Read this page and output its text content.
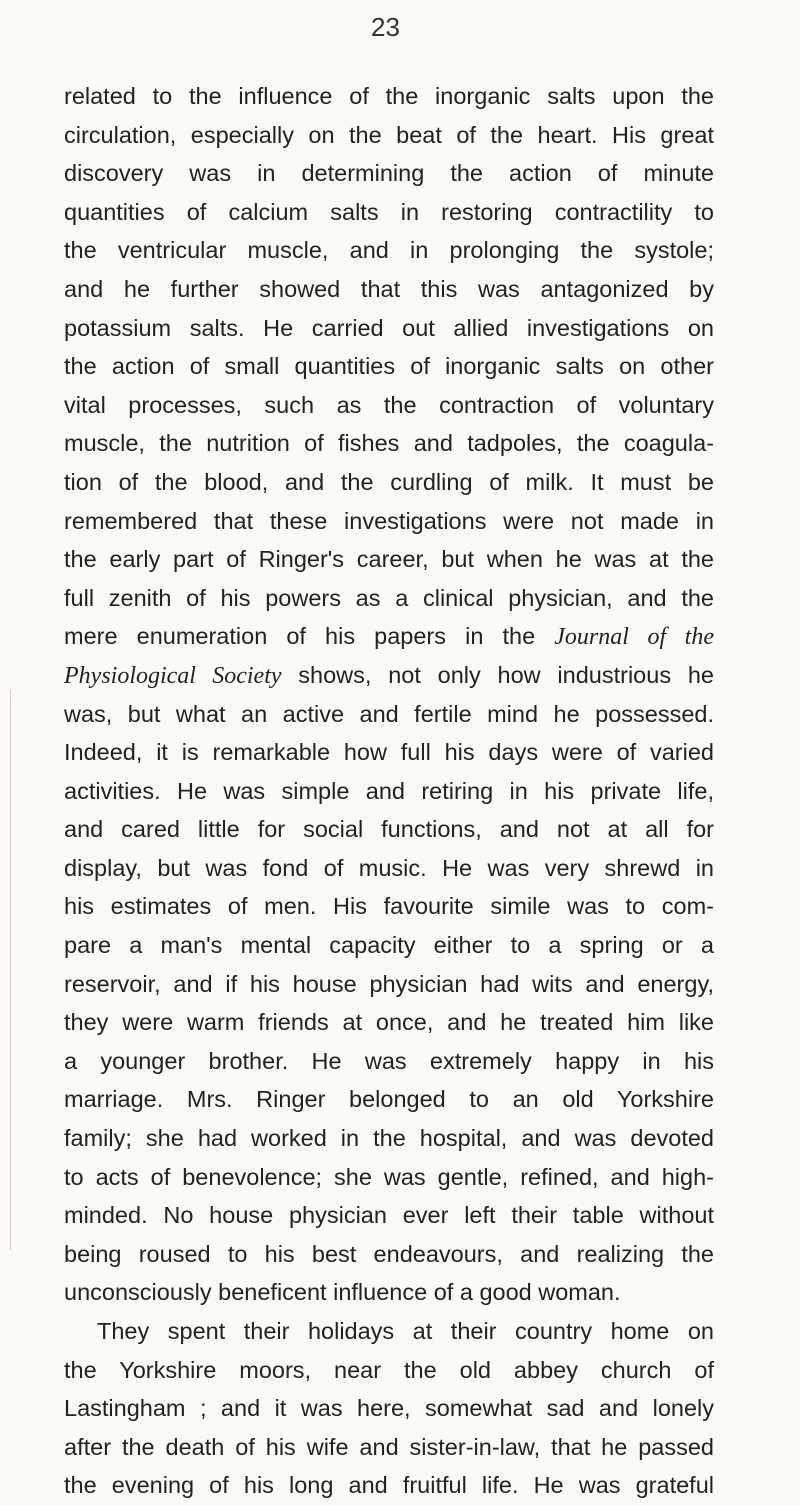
23
related to the influence of the inorganic salts upon the
circulation, especially on the beat of the heart. His great
discovery was in determining the action of minute
quantities of calcium salts in restoring contractility to
the ventricular muscle, and in prolonging the systole;
and he further showed that this was antagonized by
potassium salts. He carried out allied investigations on
the action of small quantities of inorganic salts on other
vital processes, such as the contraction of voluntary
muscle, the nutrition of fishes and tadpoles, the coagula-
tion of the blood, and the curdling of milk. It must be
remembered that these investigations were not made in
the early part of Ringer's career, but when he was at the
full zenith of his powers as a clinical physician, and the
mere enumeration of his papers in the Journal of the
Physiological Society shows, not only how industrious he
was, but what an active and fertile mind he possessed.
Indeed, it is remarkable how full his days were of varied
activities. He was simple and retiring in his private life,
and cared little for social functions, and not at all for
display, but was fond of music. He was very shrewd in
his estimates of men. His favourite simile was to com-
pare a man's mental capacity either to a spring or a
reservoir, and if his house physician had wits and energy,
they were warm friends at once, and he treated him like
a younger brother. He was extremely happy in his
marriage. Mrs. Ringer belonged to an old Yorkshire
family; she had worked in the hospital, and was devoted
to acts of benevolence; she was gentle, refined, and high-
minded. No house physician ever left their table without
being roused to his best endeavours, and realizing the
unconsciously beneficent influence of a good woman.
They spent their holidays at their country home on
the Yorkshire moors, near the old abbey church of
Lastingham ; and it was here, somewhat sad and lonely
after the death of his wife and sister-in-law, that he passed
the evening of his long and fruitful life. He was grateful
